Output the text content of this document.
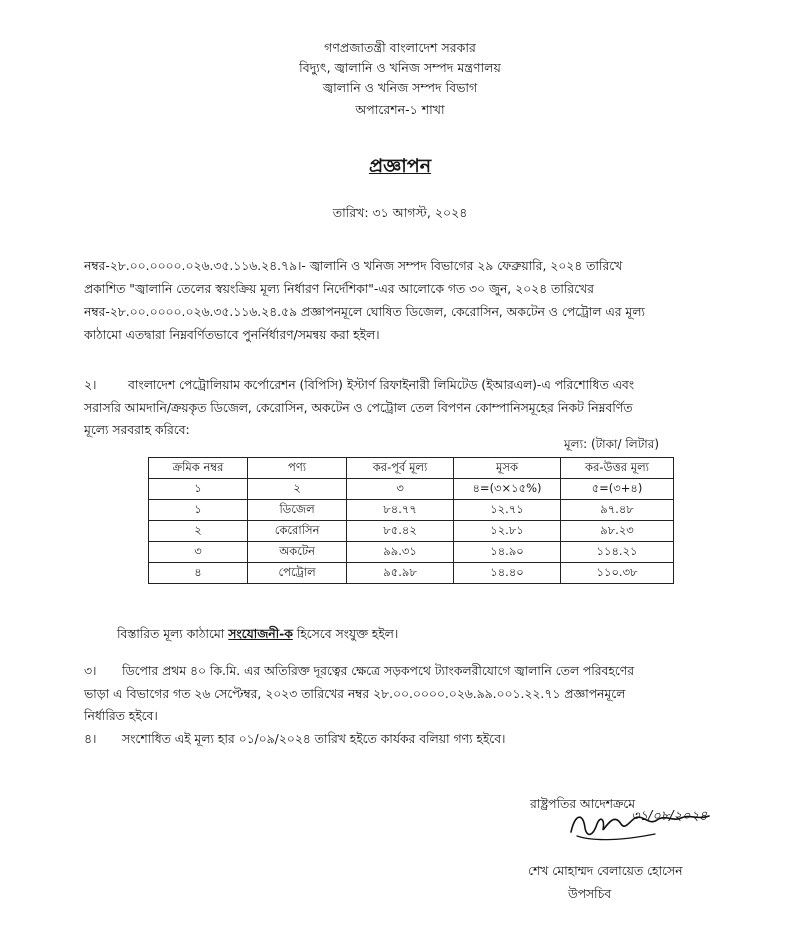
গণপ্রজাতন্ত্রী বাংলাদেশ সরকার
বিদ্যুৎ, জ্বালানি ও খনিজ সম্পদ মন্ত্রণালয়
জ্বালানি ও খনিজ সম্পদ বিভাগ
অপারেশন-১ শাখা
প্রজ্ঞাপন
তারিখ: ৩১ আগস্ট, ২০২৪
নম্বর-২৮.০০.০০০০.০২৬.৩৫.১১৬.২৪.৭৯।- জ্বালানি ও খনিজ সম্পদ বিভাগের ২৯ ফেব্রুয়ারি, ২০২৪ তারিখে
প্রকাশিত "জ্বালানি তেলের স্বয়ংক্রিয় মূল্য নির্ধারণ নির্দেশিকা"-এর আলোকে গত ৩০ জুন, ২০২৪ তারিখের
নম্বর-২৮.০০.০০০০.০২৬.৩৫.১১৬.২৪.৫৯ প্রজ্ঞাপনমূলে ঘোষিত ডিজেল, কেরোসিন, অকটেন ও পেট্রোল এর মূল্য
কাঠামো এতদ্বারা নিম্নবর্ণিতভাবে পুনর্নির্ধারণ/সমন্বয় করা হইল।
২।	বাংলাদেশ পেট্রোলিয়াম কর্পোরেশন (বিপিসি) ইস্টার্ণ রিফাইনারী লিমিটেড (ইআরএল)-এ পরিশোধিত এবং
সরাসরি আমদানি/ক্রয়কৃত ডিজেল, কেরোসিন, অকটেন ও পেট্রোল তেল বিপণন কোম্পানিসমূহের নিকট নিম্নবর্ণিত
মূল্যে সরবরাহ করিবে:
মূল্য: (টাকা/ লিটার)
ক্রমিক নম্বর	পণ্য	কর-পূর্ব মূল্য	মূসক	কর-উত্তর মূল্য
১	২	৩	৪=(৩×১৫%)	৫=(৩+৪)
১	ডিজেল	৮৪.৭৭	১২.৭১	৯৭.৪৮
২	কেরোসিন	৮৫.৪২	১২.৮১	৯৮.২৩
৩	অকটেন	৯৯.৩১	১৪.৯০	১১৪.২১
৪	পেট্রোল	৯৫.৯৮	১৪.৪০	১১০.৩৮
বিস্তারিত মূল্য কাঠামো সংযোজনী-ক হিসেবে সংযুক্ত হইল।
৩। ডিপোর প্রথম ৪০ কি.মি. এর অতিরিক্ত দূরত্বের ক্ষেত্রে সড়কপথে ট্যাংকলরীযোগে জ্বালানি তেল পরিবহণের
ভাড়া এ বিভাগের গত ২৬ সেপ্টেম্বর, ২০২৩ তারিখের নম্বর ২৮.০০.০০০০.০২৬.৯৯.০০১.২২.৭১ প্রজ্ঞাপনমূলে
নির্ধারিত হইবে।
৪। সংশোধিত এই মূল্য হার ০১/০৯/২০২৪ তারিখ হইতে কার্যকর বলিয়া গণ্য হইবে।
রাষ্ট্রপতির আদেশক্রমে
৩১/০৮/২০২৪
শেখ মোহাম্মদ বেলায়েত হোসেন
উপসচিব
